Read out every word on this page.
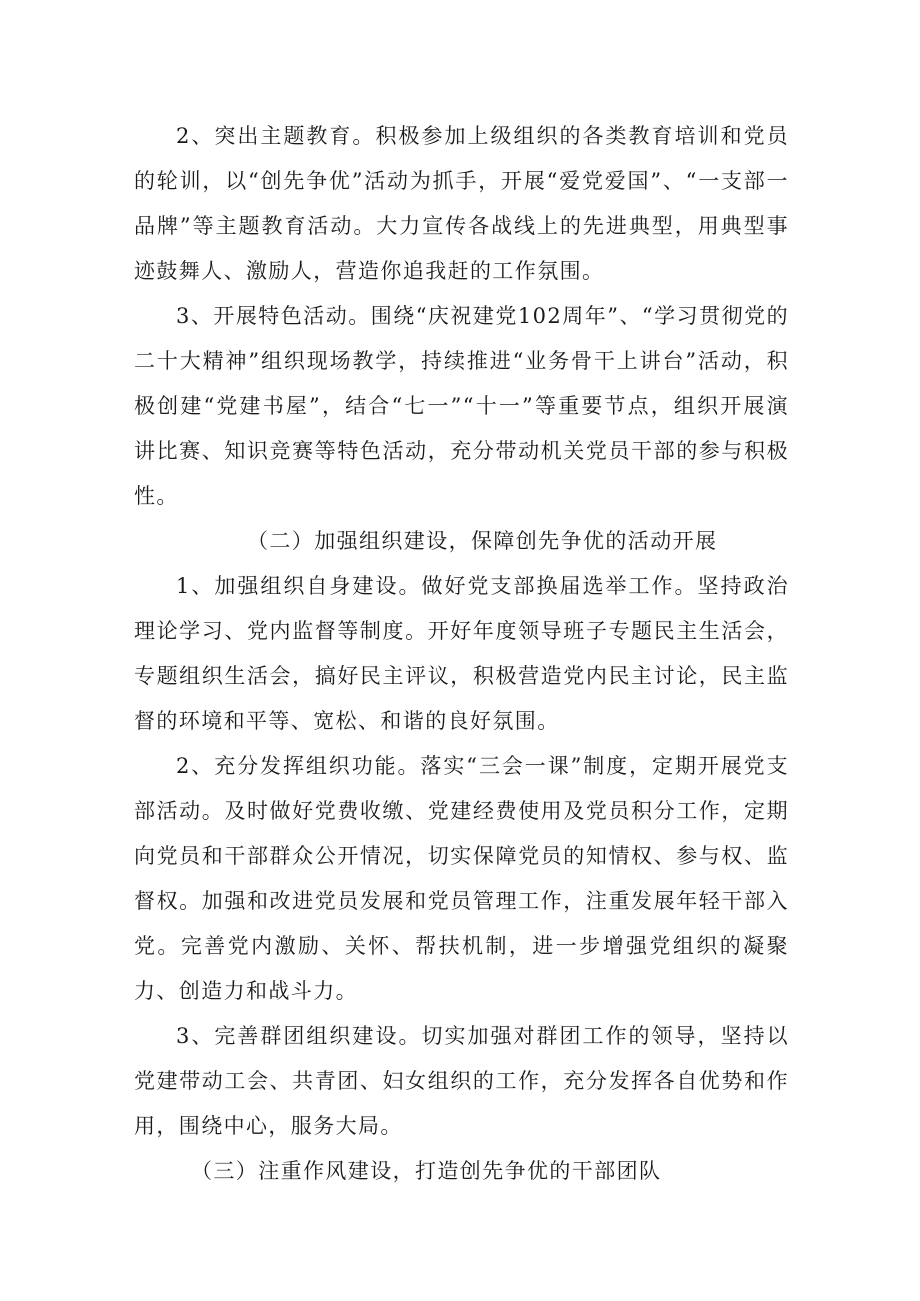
2、突出主题教育。积极参加上级组织的各类教育培训和党员的轮训，以“创先争优”活动为抓手，开展“爱党爱国”、“一支部一品牌”等主题教育活动。大力宣传各战线上的先进典型，用典型事迹鼓舞人、激励人，营造你追我赶的工作氛围。

3、开展特色活动。围绕“庆祝建党102周年”、“学习贯彻党的二十大精神”组织现场教学，持续推进“业务骨干上讲台”活动，积极创建“党建书屋”，结合“七一”“十一”等重要节点，组织开展演讲比赛、知识竞赛等特色活动，充分带动机关党员干部的参与积极性。

（二）加强组织建设，保障创先争优的活动开展

1、加强组织自身建设。做好党支部换届选举工作。坚持政治理论学习、党内监督等制度。开好年度领导班子专题民主生活会，专题组织生活会，搞好民主评议，积极营造党内民主讨论，民主监督的环境和平等、宽松、和谐的良好氛围。

2、充分发挥组织功能。落实“三会一课”制度，定期开展党支部活动。及时做好党费收缴、党建经费使用及党员积分工作，定期向党员和干部群众公开情况，切实保障党员的知情权、参与权、监督权。加强和改进党员发展和党员管理工作，注重发展年轻干部入党。完善党内激励、关怀、帮扶机制，进一步增强党组织的凝聚力、创造力和战斗力。

3、完善群团组织建设。切实加强对群团工作的领导，坚持以党建带动工会、共青团、妇女组织的工作，充分发挥各自优势和作用，围绕中心，服务大局。

（三）注重作风建设，打造创先争优的干部团队
